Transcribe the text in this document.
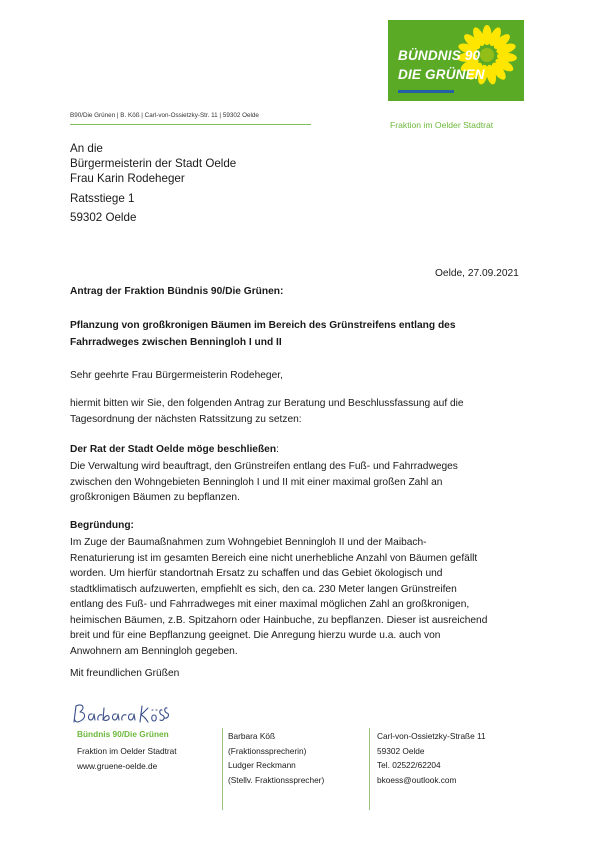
BÜNDNIS 90
DIE GRÜNEN
B90/Die Grünen | B. Köß | Carl-von-Ossietzky-Str. 11 | 59302 Oelde
Fraktion im Oelder Stadtrat

An die

Bürgermeisterin der Stadt Oelde

Frau Karin Rodeheger

Ratsstiege 1
59302 Oelde
Oelde, 27.09.2021
Antrag der Fraktion Bündnis 90/Die Grünen:

Pflanzung von großkronigen Bäumen im Bereich des Grünstreifens entlang des

Fahrradweges zwischen Benningloh I und II

Sehr geehrte Frau Bürgermeisterin Rodeheger,

hiermit bitten wir Sie, den folgenden Antrag zur Beratung und Beschlussfassung auf die

Tagesordnung der nächsten Ratssitzung zu setzen:

Der Rat der Stadt Oelde möge beschließen:

Die Verwaltung wird beauftragt, den Grünstreifen entlang des Fuß- und Fahrradweges

zwischen den Wohngebieten Benningloh I und II mit einer maximal großen Zahl an

großkronigen Bäumen zu bepflanzen.

Begründung:

Im Zuge der Baumaßnahmen zum Wohngebiet Benningloh II und der Maibach-

Renaturierung ist im gesamten Bereich eine nicht unerhebliche Anzahl von Bäumen gefällt

worden. Um hierfür standortnah Ersatz zu schaffen und das Gebiet ökologisch und

stadtklimatisch aufzuwerten, empfiehlt es sich, den ca. 230 Meter langen Grünstreifen

entlang des Fuß- und Fahrradweges mit einer maximal möglichen Zahl an großkronigen,

heimischen Bäumen, z.B. Spitzahorn oder Hainbuche, zu bepflanzen. Dieser ist ausreichend

breit und für eine Bepflanzung geeignet. Die Anregung hierzu wurde u.a. auch von

Anwohnern am Benningloh gegeben.

Mit freundlichen Grüßen

Bündnis 90/Die Grünen

Fraktion im Oelder Stadtrat

www.gruene-oelde.de

Barbara Köß

(Fraktionssprecherin)

Ludger Reckmann

(Stellv. Fraktionssprecher)

Carl-von-Ossietzky-Straße 11

59302 Oelde

Tel. 02522/62204

bkoess@outlook.com
